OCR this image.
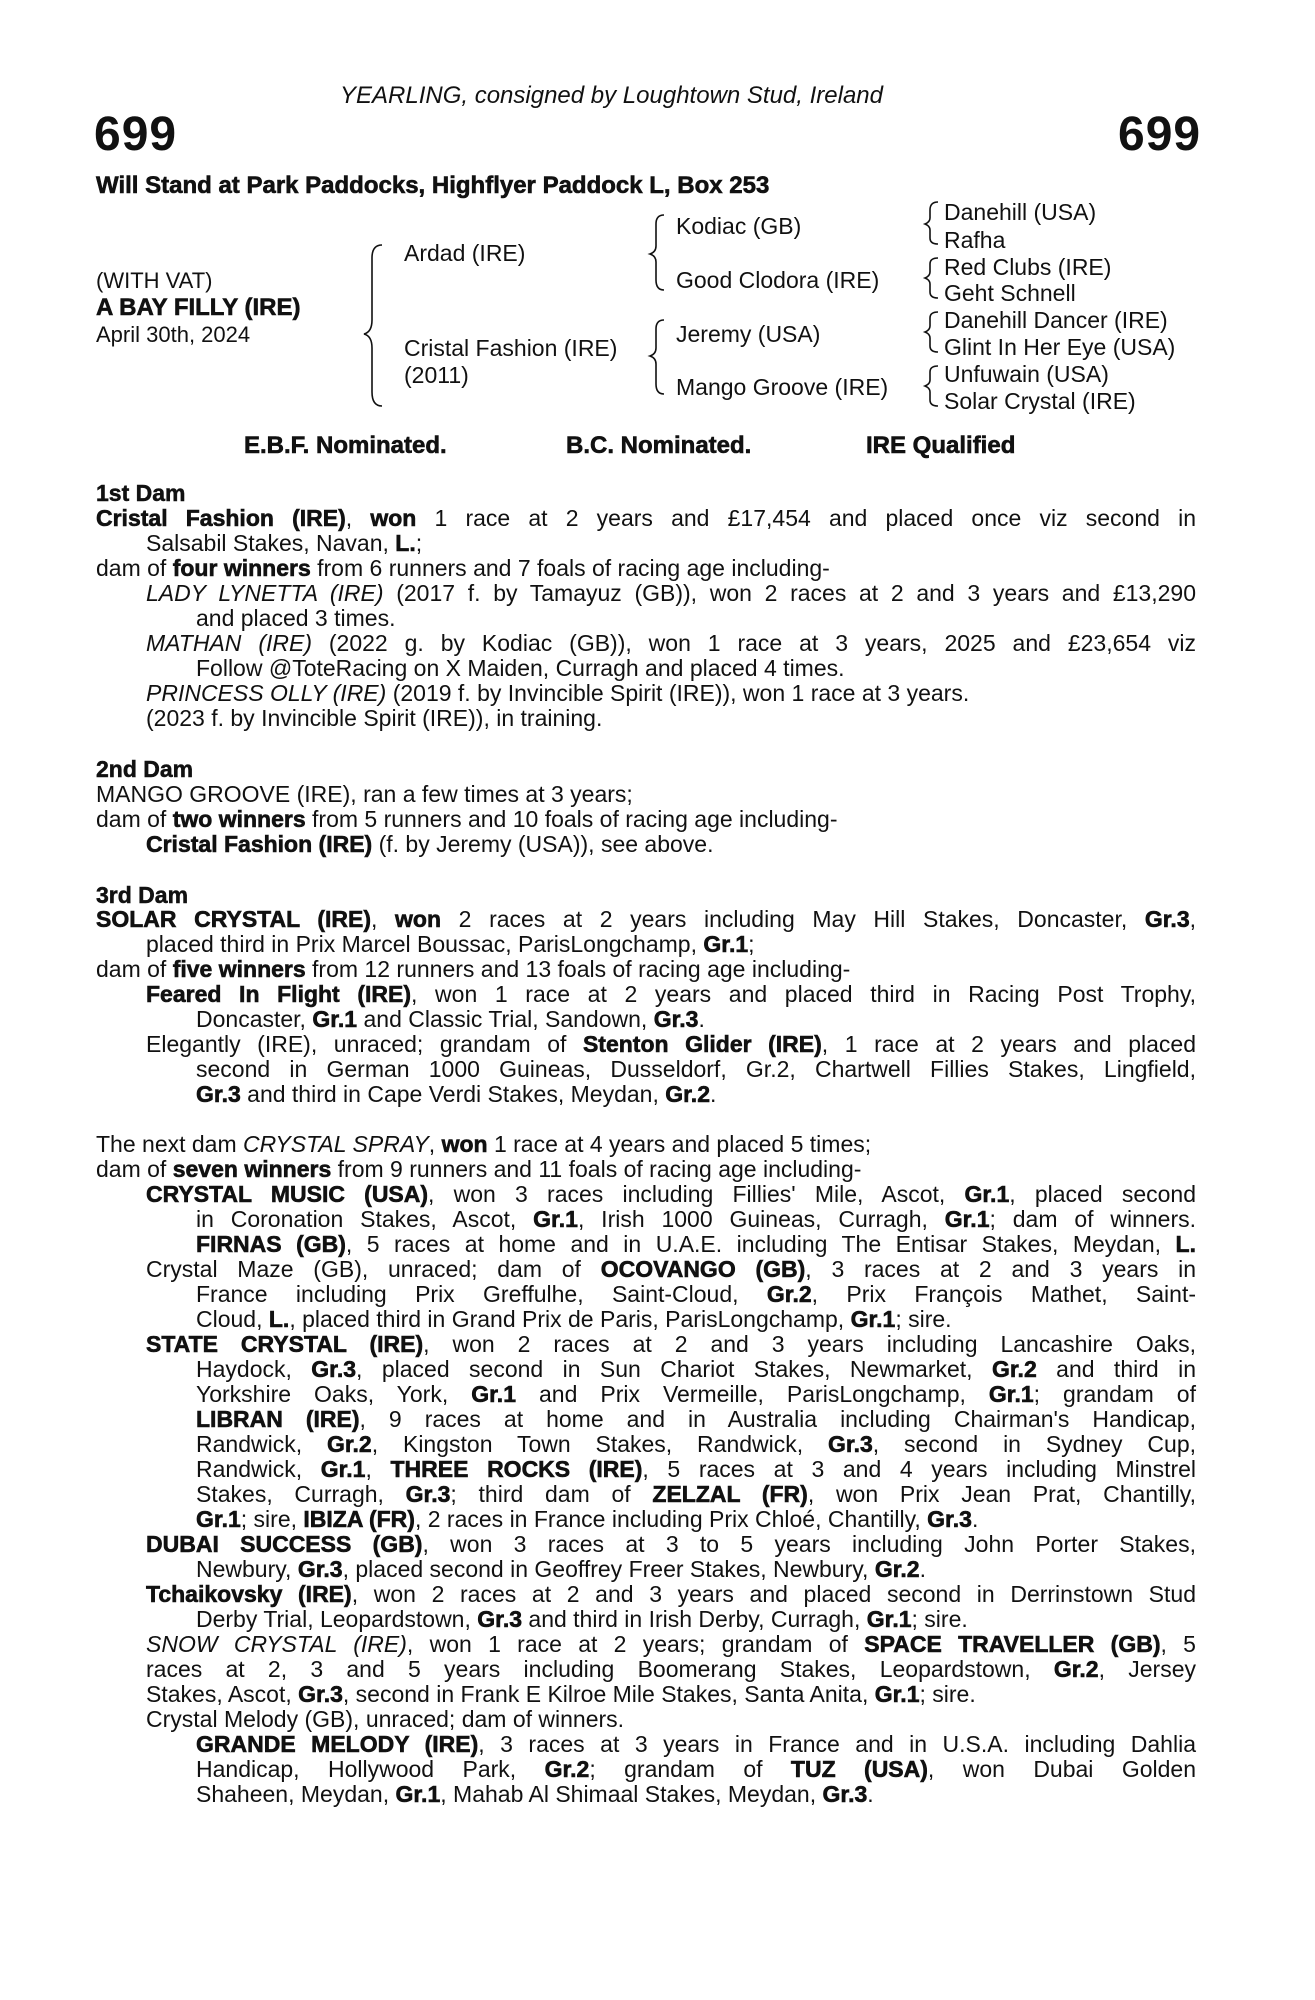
YEARLING, consigned by Loughtown Stud, Ireland
699	699
Will Stand at Park Paddocks, Highflyer Paddock L, Box 253
(WITH VAT)
A BAY FILLY (IRE)
April 30th, 2024
Ardad (IRE)
Cristal Fashion (IRE)
(2011)
Kodiac (GB)
Good Clodora (IRE)
Jeremy (USA)
Mango Groove (IRE)
Danehill (USA)
Rafha
Red Clubs (IRE)
Geht Schnell
Danehill Dancer (IRE)
Glint In Her Eye (USA)
Unfuwain (USA)
Solar Crystal (IRE)
E.B.F. Nominated.	B.C. Nominated.	IRE Qualified
1st Dam
Cristal Fashion (IRE), won 1 race at 2 years and £17,454 and placed once viz second in
Salsabil Stakes, Navan, L.;
dam of four winners from 6 runners and 7 foals of racing age including-
LADY LYNETTA (IRE) (2017 f. by Tamayuz (GB)), won 2 races at 2 and 3 years and £13,290
and placed 3 times.
MATHAN (IRE) (2022 g. by Kodiac (GB)), won 1 race at 3 years, 2025 and £23,654 viz
Follow @ToteRacing on X Maiden, Curragh and placed 4 times.
PRINCESS OLLY (IRE) (2019 f. by Invincible Spirit (IRE)), won 1 race at 3 years.
(2023 f. by Invincible Spirit (IRE)), in training.
2nd Dam
MANGO GROOVE (IRE), ran a few times at 3 years;
dam of two winners from 5 runners and 10 foals of racing age including-
Cristal Fashion (IRE) (f. by Jeremy (USA)), see above.
3rd Dam
SOLAR CRYSTAL (IRE), won 2 races at 2 years including May Hill Stakes, Doncaster, Gr.3,
placed third in Prix Marcel Boussac, ParisLongchamp, Gr.1;
dam of five winners from 12 runners and 13 foals of racing age including-
Feared In Flight (IRE), won 1 race at 2 years and placed third in Racing Post Trophy,
Doncaster, Gr.1 and Classic Trial, Sandown, Gr.3.
Elegantly (IRE), unraced; grandam of Stenton Glider (IRE), 1 race at 2 years and placed
second in German 1000 Guineas, Dusseldorf, Gr.2, Chartwell Fillies Stakes, Lingfield,
Gr.3 and third in Cape Verdi Stakes, Meydan, Gr.2.
The next dam CRYSTAL SPRAY, won 1 race at 4 years and placed 5 times;
dam of seven winners from 9 runners and 11 foals of racing age including-
CRYSTAL MUSIC (USA), won 3 races including Fillies' Mile, Ascot, Gr.1, placed second
in Coronation Stakes, Ascot, Gr.1, Irish 1000 Guineas, Curragh, Gr.1; dam of winners.
FIRNAS (GB), 5 races at home and in U.A.E. including The Entisar Stakes, Meydan, L.
Crystal Maze (GB), unraced; dam of OCOVANGO (GB), 3 races at 2 and 3 years in
France including Prix Greffulhe, Saint-Cloud, Gr.2, Prix François Mathet, Saint-
Cloud, L., placed third in Grand Prix de Paris, ParisLongchamp, Gr.1; sire.
STATE CRYSTAL (IRE), won 2 races at 2 and 3 years including Lancashire Oaks,
Haydock, Gr.3, placed second in Sun Chariot Stakes, Newmarket, Gr.2 and third in
Yorkshire Oaks, York, Gr.1 and Prix Vermeille, ParisLongchamp, Gr.1; grandam of
LIBRAN (IRE), 9 races at home and in Australia including Chairman's Handicap,
Randwick, Gr.2, Kingston Town Stakes, Randwick, Gr.3, second in Sydney Cup,
Randwick, Gr.1, THREE ROCKS (IRE), 5 races at 3 and 4 years including Minstrel
Stakes, Curragh, Gr.3; third dam of ZELZAL (FR), won Prix Jean Prat, Chantilly,
Gr.1; sire, IBIZA (FR), 2 races in France including Prix Chloé, Chantilly, Gr.3.
DUBAI SUCCESS (GB), won 3 races at 3 to 5 years including John Porter Stakes,
Newbury, Gr.3, placed second in Geoffrey Freer Stakes, Newbury, Gr.2.
Tchaikovsky (IRE), won 2 races at 2 and 3 years and placed second in Derrinstown Stud
Derby Trial, Leopardstown, Gr.3 and third in Irish Derby, Curragh, Gr.1; sire.
SNOW CRYSTAL (IRE), won 1 race at 2 years; grandam of SPACE TRAVELLER (GB), 5
races at 2, 3 and 5 years including Boomerang Stakes, Leopardstown, Gr.2, Jersey
Stakes, Ascot, Gr.3, second in Frank E Kilroe Mile Stakes, Santa Anita, Gr.1; sire.
Crystal Melody (GB), unraced; dam of winners.
GRANDE MELODY (IRE), 3 races at 3 years in France and in U.S.A. including Dahlia
Handicap, Hollywood Park, Gr.2; grandam of TUZ (USA), won Dubai Golden
Shaheen, Meydan, Gr.1, Mahab Al Shimaal Stakes, Meydan, Gr.3.
